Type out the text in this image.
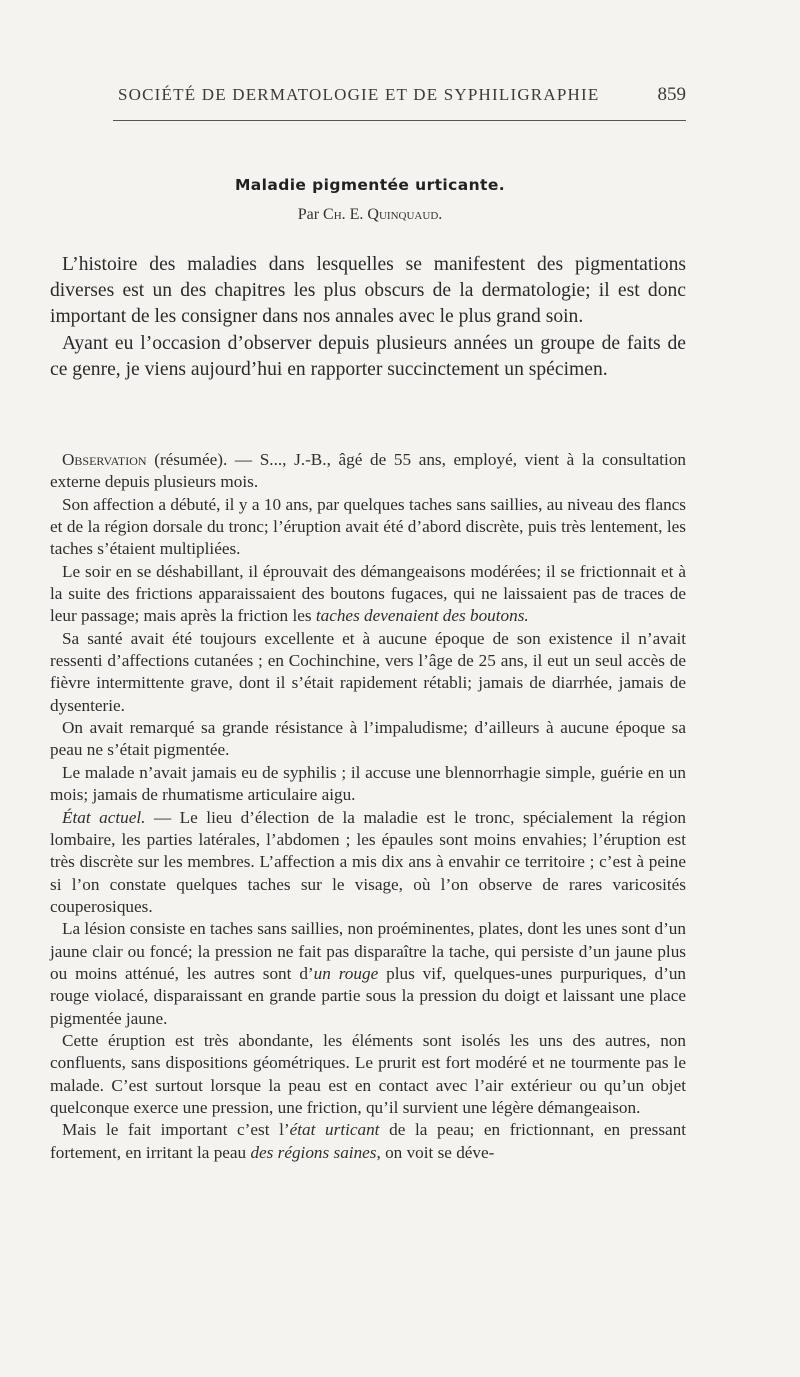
SOCIÉTÉ DE DERMATOLOGIE ET DE SYPHILIGRAPHIE	859
Maladie pigmentée urticante.
Par Ch. E. Quinquaud.

L’histoire des maladies dans lesquelles se manifestent des pigmentations diverses est un des chapitres les plus obscurs de la dermatologie; il est donc important de les consigner dans nos annales avec le plus grand soin.

Ayant eu l’occasion d’observer depuis plusieurs années un groupe de faits de ce genre, je viens aujourd’hui en rapporter succinctement un spécimen.

Observation (résumée). — S..., J.-B., âgé de 55 ans, employé, vient à la consultation externe depuis plusieurs mois.

Son affection a débuté, il y a 10 ans, par quelques taches sans saillies, au niveau des flancs et de la région dorsale du tronc; l’éruption avait été d’abord discrète, puis très lentement, les taches s’étaient multipliées.

Le soir en se déshabillant, il éprouvait des démangeaisons modérées; il se frictionnait et à la suite des frictions apparaissaient des boutons fugaces, qui ne laissaient pas de traces de leur passage; mais après la friction les taches devenaient des boutons.

Sa santé avait été toujours excellente et à aucune époque de son existence il n’avait ressenti d’affections cutanées ; en Cochinchine, vers l’âge de 25 ans, il eut un seul accès de fièvre intermittente grave, dont il s’était rapidement rétabli; jamais de diarrhée, jamais de dysenterie.

On avait remarqué sa grande résistance à l’impaludisme; d’ailleurs à aucune époque sa peau ne s’était pigmentée.

Le malade n’avait jamais eu de syphilis ; il accuse une blennorrhagie simple, guérie en un mois; jamais de rhumatisme articulaire aigu.

État actuel. — Le lieu d’élection de la maladie est le tronc, spécialement la région lombaire, les parties latérales, l’abdomen ; les épaules sont moins envahies; l’éruption est très discrète sur les membres. L’affection a mis dix ans à envahir ce territoire ; c’est à peine si l’on constate quelques taches sur le visage, où l’on observe de rares varicosités couperosiques.

La lésion consiste en taches sans saillies, non proéminentes, plates, dont les unes sont d’un jaune clair ou foncé; la pression ne fait pas disparaître la tache, qui persiste d’un jaune plus ou moins atténué, les autres sont d’un rouge plus vif, quelques-unes purpuriques, d’un rouge violacé, disparaissant en grande partie sous la pression du doigt et laissant une place pigmentée jaune.

Cette éruption est très abondante, les éléments sont isolés les uns des autres, non confluents, sans dispositions géométriques. Le prurit est fort modéré et ne tourmente pas le malade. C’est surtout lorsque la peau est en contact avec l’air extérieur ou qu’un objet quelconque exerce une pression, une friction, qu’il survient une légère démangeaison.

Mais le fait important c’est l’état urticant de la peau; en frictionnant, en pressant fortement, en irritant la peau des régions saines, on voit se déve-
